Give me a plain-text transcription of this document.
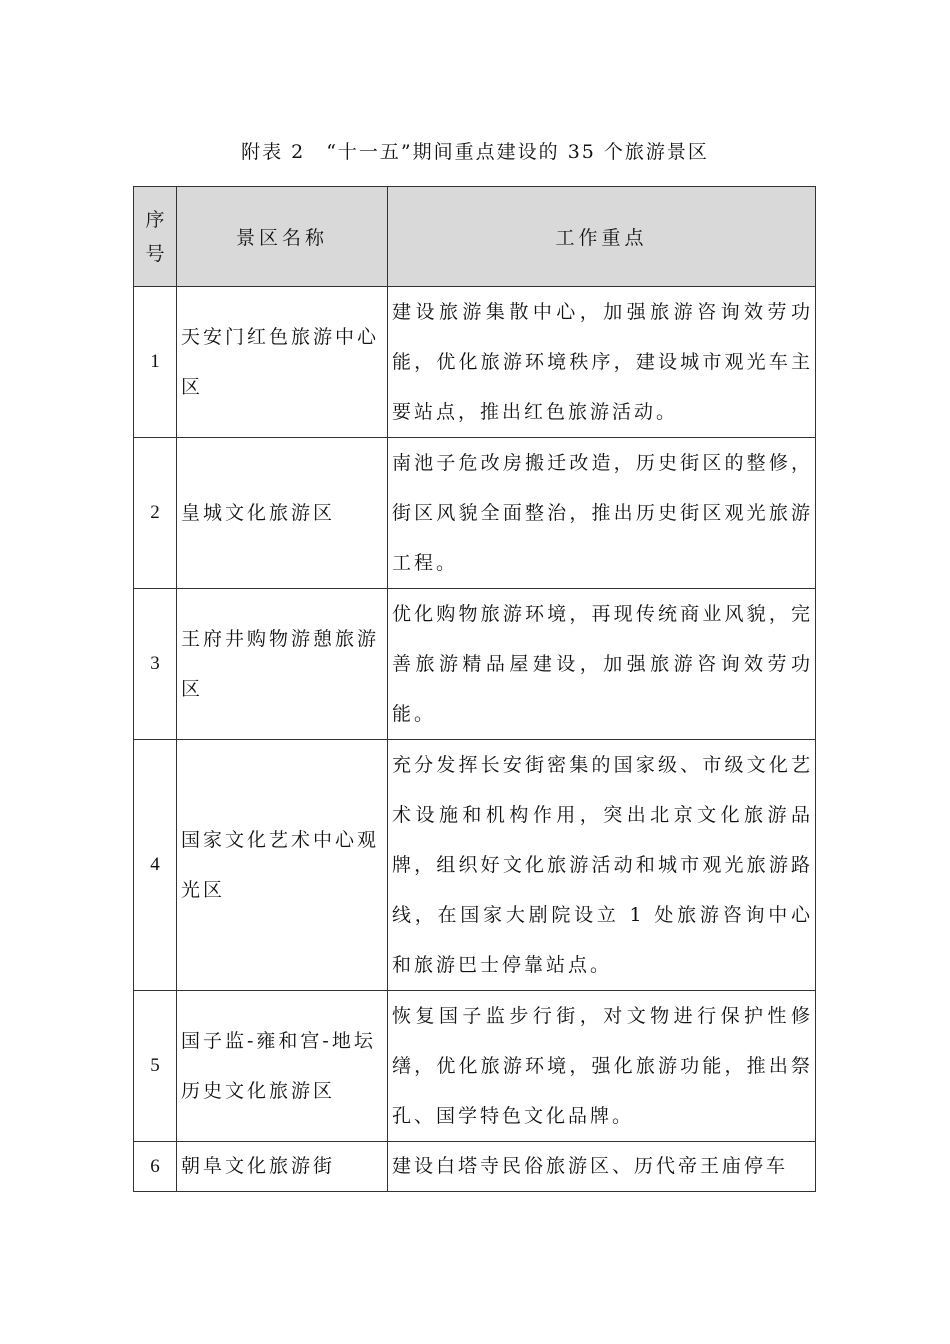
附表 2　“十一五”期间重点建设的 35 个旅游景区
序
号	景区名称	工作重点
1	天安门红色旅游中心区	建设旅游集散中心，加强旅游咨询效劳功能，优化旅游环境秩序，建设城市观光车主要站点，推出红色旅游活动。
2	皇城文化旅游区	南池子危改房搬迁改造，历史街区的整修，街区风貌全面整治，推出历史街区观光旅游工程。
3	王府井购物游憩旅游区	优化购物旅游环境，再现传统商业风貌，完善旅游精品屋建设，加强旅游咨询效劳功能。
4	国家文化艺术中心观光区	充分发挥长安街密集的国家级、市级文化艺术设施和机构作用，突出北京文化旅游品牌，组织好文化旅游活动和城市观光旅游路线，在国家大剧院设立 1 处旅游咨询中心和旅游巴士停靠站点。
5	国子监-雍和宫-地坛历史文化旅游区	恢复国子监步行街，对文物进行保护性修缮，优化旅游环境，强化旅游功能，推出祭孔、国学特色文化品牌。
6	朝阜文化旅游街	建设白塔寺民俗旅游区、历代帝王庙停车
